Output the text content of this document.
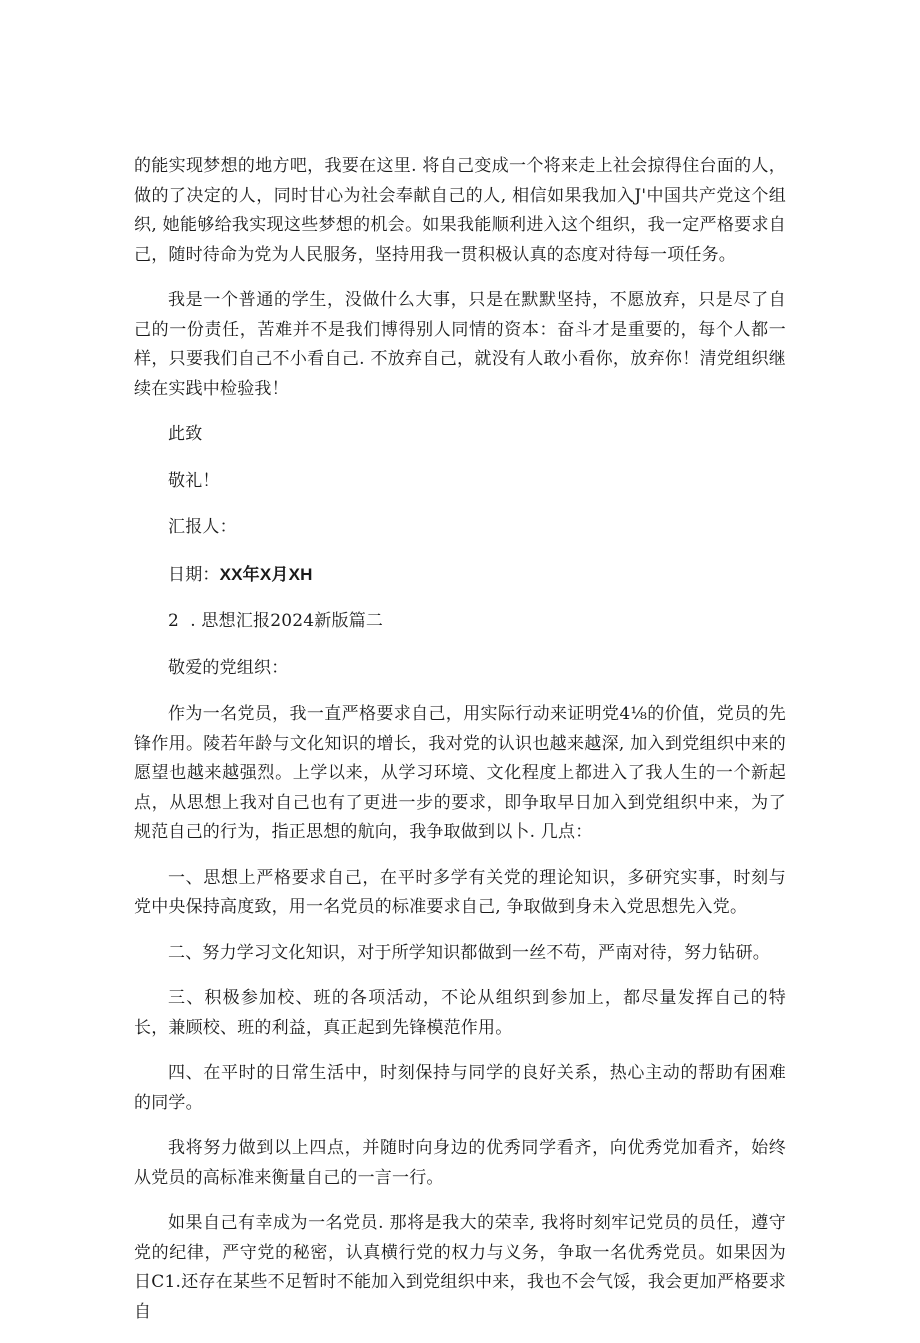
的能实现梦想的地方吧，我要在这里. 将自己变成一个将来走上社会掠得住台面的人，做的了决定的人，同时甘心为社会奉献自己的人, 相信如果我加入J'中国共产党这个组织, 她能够给我实现这些梦想的机会。如果我能顺利进入这个组织，我一定严格要求自己，随时待命为党为人民服务，坚持用我一贯积极认真的态度对待每一项任务。

我是一个普通的学生，没做什么大事，只是在默默坚持，不愿放弃，只是尽了自己的一份责任，苦难并不是我们博得别人同情的资本：奋斗才是重要的，每个人都一样，只要我们自己不小看自己. 不放弃自己，就没有人敢小看你，放弃你！清党组织继续在实践中检验我！

此致

敬礼！

汇报人：

日期：XX年X月XH

2  . 思想汇报2024新版篇二

敬爱的党组织：

作为一名党员，我一直严格要求自己，用实际行动来证明党4⅛的价值，党员的先锋作用。陵若年龄与文化知识的增长，我对党的认识也越来越深, 加入到党组织中来的愿望也越来越强烈。上学以来，从学习环境、文化程度上都进入了我人生的一个新起点，从思想上我对自己也有了更进一步的要求，即争取早日加入到党组织中来，为了规范自己的行为，指正思想的航向，我争取做到以卜. 几点：

一、思想上严格要求自己，在平时多学有关党的理论知识，多研究实事，时刻与党中央保持高度致，用一名党员的标准要求自己, 争取做到身未入党思想先入党。

二、努力学习文化知识，对于所学知识都做到一丝不苟，严南对待，努力钻研。

三、积极参加校、班的各项活动，不论从组织到参加上，都尽量发挥自己的特长，兼顾校、班的利益，真正起到先锋模范作用。

四、在平时的日常生活中，时刻保持与同学的良好关系，热心主动的帮助有困难的同学。

我将努力做到以上四点，并随时向身边的优秀同学看齐，向优秀党加看齐，始终从党员的高标准来衡量自己的一言一行。

如果自己有幸成为一名党员. 那将是我大的荣幸, 我将时刻牢记党员的员任，遵守党的纪律，严守党的秘密，认真横行党的权力与义务，争取一名优秀党员。如果因为日C1.还存在某些不足暂时不能加入到党组织中来，我也不会气馁，我会更加严格要求自
